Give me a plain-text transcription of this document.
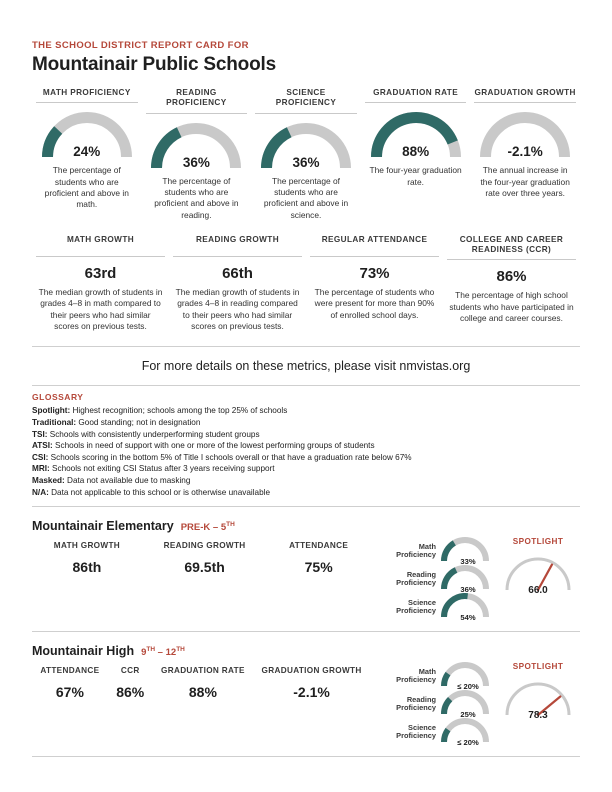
THE SCHOOL DISTRICT REPORT CARD FOR
Mountainair Public Schools
MATH PROFICIENCY
24%
The percentage of students who are proficient and above in math.
READING PROFICIENCY
36%
The percentage of students who are proficient and above in reading.
SCIENCE PROFICIENCY
36%
The percentage of students who are proficient and above in science.
GRADUATION RATE
88%
The four-year graduation rate.
GRADUATION GROWTH
-2.1%
The annual increase in the four-year graduation rate over three years.
MATH GROWTH
63rd
The median growth of students in grades 4–8 in math compared to their peers who had similar scores on previous tests.
READING GROWTH
66th
The median growth of students in grades 4–8 in reading compared to their peers who had similar scores on previous tests.
REGULAR ATTENDANCE
73%
The percentage of students who were present for more than 90% of enrolled school days.
COLLEGE AND CAREER READINESS (CCR)
86%
The percentage of high school students who have participated in college and career courses.
For more details on these metrics, please visit nmvistas.org
GLOSSARY
Spotlight: Highest recognition; schools among the top 25% of schools
Traditional: Good standing; not in designation
TSI: Schools with consistently underperforming student groups
ATSI: Schools in need of support with one or more of the lowest performing groups of students
CSI: Schools scoring in the bottom 5% of Title I schools overall or that have a graduation rate below 67%
MRI: Schools not exiting CSI Status after 3 years receiving support
Masked: Data not available due to masking
N/A: Data not applicable to this school or is otherwise unavailable
Mountainair Elementary PRE-K – 5TH
MATH GROWTH
86th
READING GROWTH
69.5th
ATTENDANCE
75%
Math Proficiency
33%
Reading Proficiency
36%
Science Proficiency
54%
SPOTLIGHT
66.0
Mountainair High 9TH – 12TH
ATTENDANCE
67%
CCR
86%
GRADUATION RATE
88%
GRADUATION GROWTH
-2.1%
Math Proficiency
≤ 20%
Reading Proficiency
25%
Science Proficiency
≤ 20%
SPOTLIGHT
78.3
